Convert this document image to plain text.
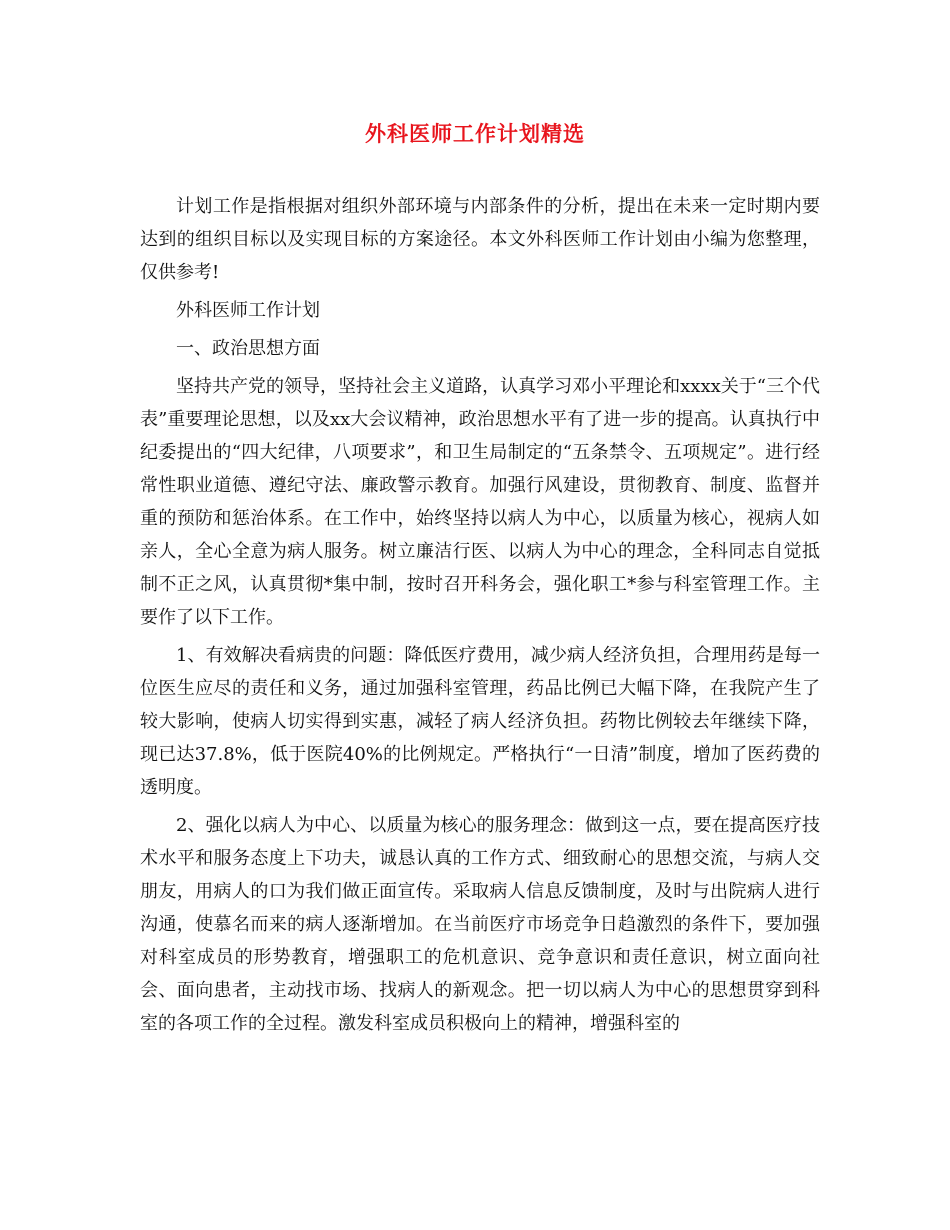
外科医师工作计划精选

计划工作是指根据对组织外部环境与内部条件的分析，提出在未来一定时期内要达到的组织目标以及实现目标的方案途径。本文外科医师工作计划由小编为您整理，仅供参考!

外科医师工作计划

一、政治思想方面

坚持共产党的领导，坚持社会主义道路，认真学习邓小平理论和xxxx关于“三个代表”重要理论思想，以及xx大会议精神，政治思想水平有了进一步的提高。认真执行中纪委提出的“四大纪律，八项要求”，和卫生局制定的“五条禁令、五项规定”。进行经常性职业道德、遵纪守法、廉政警示教育。加强行风建设，贯彻教育、制度、监督并重的预防和惩治体系。在工作中，始终坚持以病人为中心，以质量为核心，视病人如亲人，全心全意为病人服务。树立廉洁行医、以病人为中心的理念，全科同志自觉抵制不正之风，认真贯彻*集中制，按时召开科务会，强化职工*参与科室管理工作。主要作了以下工作。

1、有效解决看病贵的问题：降低医疗费用，减少病人经济负担，合理用药是每一位医生应尽的责任和义务，通过加强科室管理，药品比例已大幅下降，在我院产生了较大影响，使病人切实得到实惠，减轻了病人经济负担。药物比例较去年继续下降，现已达37.8%，低于医院40%的比例规定。严格执行“一日清”制度，增加了医药费的透明度。

2、强化以病人为中心、以质量为核心的服务理念：做到这一点，要在提高医疗技术水平和服务态度上下功夫，诚恳认真的工作方式、细致耐心的思想交流，与病人交朋友，用病人的口为我们做正面宣传。采取病人信息反馈制度，及时与出院病人进行沟通，使慕名而来的病人逐渐增加。在当前医疗市场竞争日趋激烈的条件下，要加强对科室成员的形势教育，增强职工的危机意识、竞争意识和责任意识，树立面向社会、面向患者，主动找市场、找病人的新观念。把一切以病人为中心的思想贯穿到科室的各项工作的全过程。激发科室成员积极向上的精神，增强科室的
